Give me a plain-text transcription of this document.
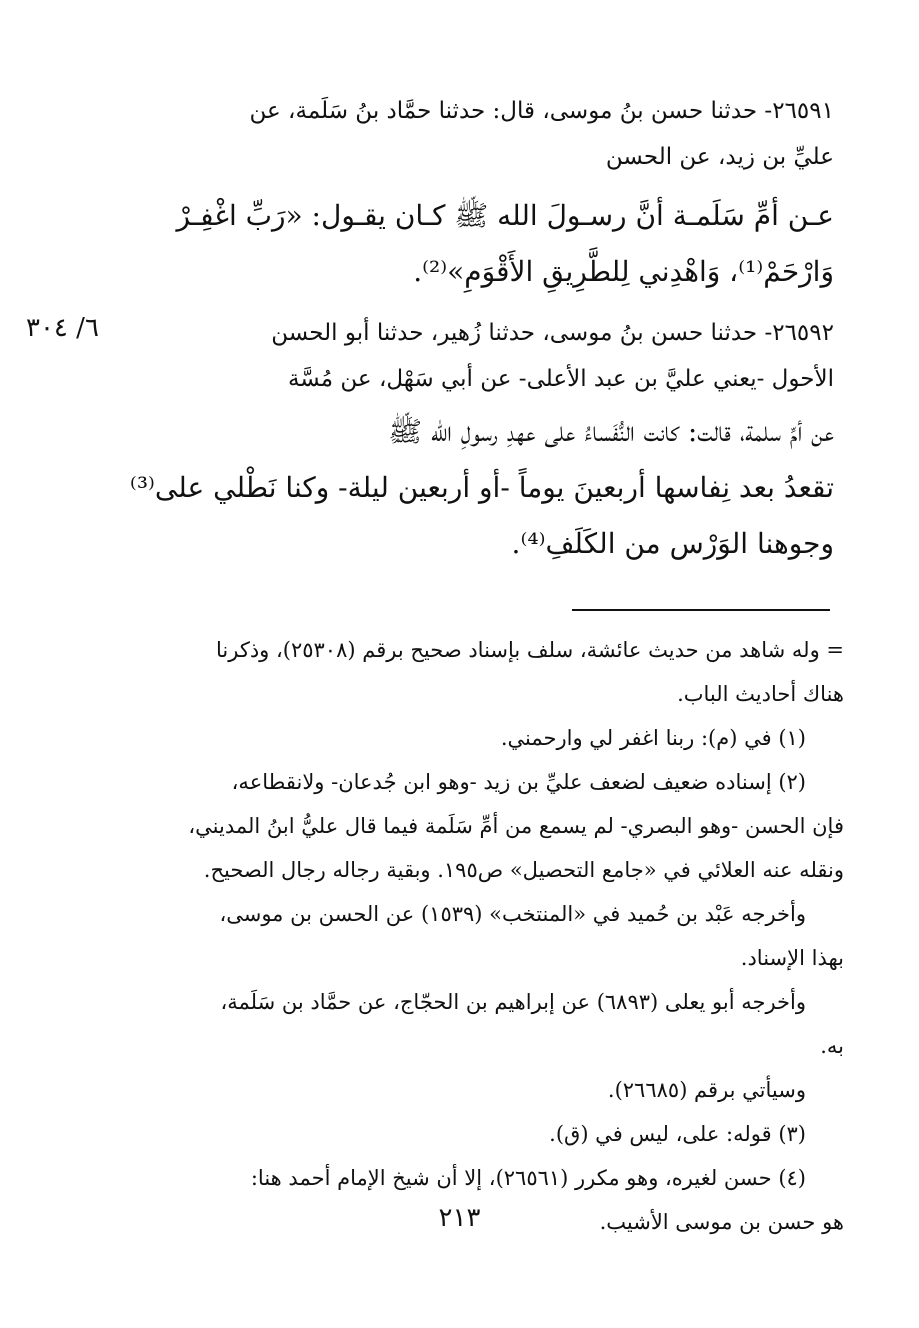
٦/ ٣٠٤
٢٦٥٩١- حدثنا حسن بنُ موسى، قال: حدثنا حمَّاد بنُ سَلَمة، عن
عليِّ بن زيد، عن الحسن
عـن أمِّ سَلَمـة أنَّ رسـولَ الله ﷺ كـان يقـول: «رَبِّ اغْفِـرْ
وَارْحَمْ⁽¹⁾، وَاهْدِني لِلطَّرِيقِ الأَقْوَمِ»⁽²⁾.
٢٦٥٩٢- حدثنا حسن بنُ موسى، حدثنا زُهير، حدثنا أبو الحسن
الأحول -يعني عليَّ بن عبد الأعلى- عن أبي سَهْل، عن مُسَّة
عن أمِّ سلمة، قالت: كانت النُّفَساءُ على عهدِ رسولِ الله ﷺ
تقعدُ بعد نِفاسها أربعينَ يوماً -أو أربعين ليلة- وكنا نَطْلي على⁽³⁾
وجوهنا الوَرْس من الكَلَفِ⁽⁴⁾.
= وله شاهد من حديث عائشة، سلف بإسناد صحيح برقم (٢٥٣٠٨)، وذكرنا
هناك أحاديث الباب.
(١) في (م): ربنا اغفر لي وارحمني.
(٢) إسناده ضعيف لضعف عليِّ بن زيد -وهو ابن جُدعان- ولانقطاعه،
فإن الحسن -وهو البصري- لم يسمع من أمِّ سَلَمة فيما قال عليُّ ابنُ المديني،
ونقله عنه العلائي في «جامع التحصيل» ص١٩٥. وبقية رجاله رجال الصحيح.
وأخرجه عَبْد بن حُميد في «المنتخب» (١٥٣٩) عن الحسن بن موسى،
بهذا الإسناد.
وأخرجه أبو يعلى (٦٨٩٣) عن إبراهيم بن الحجّاج، عن حمَّاد بن سَلَمة،
به.
وسيأتي برقم (٢٦٦٨٥).
(٣) قوله: على، ليس في (ق).
(٤) حسن لغيره، وهو مكرر (٢٦٥٦١)، إلا أن شيخ الإمام أحمد هنا:
هو حسن بن موسى الأشيب.
٢١٣
